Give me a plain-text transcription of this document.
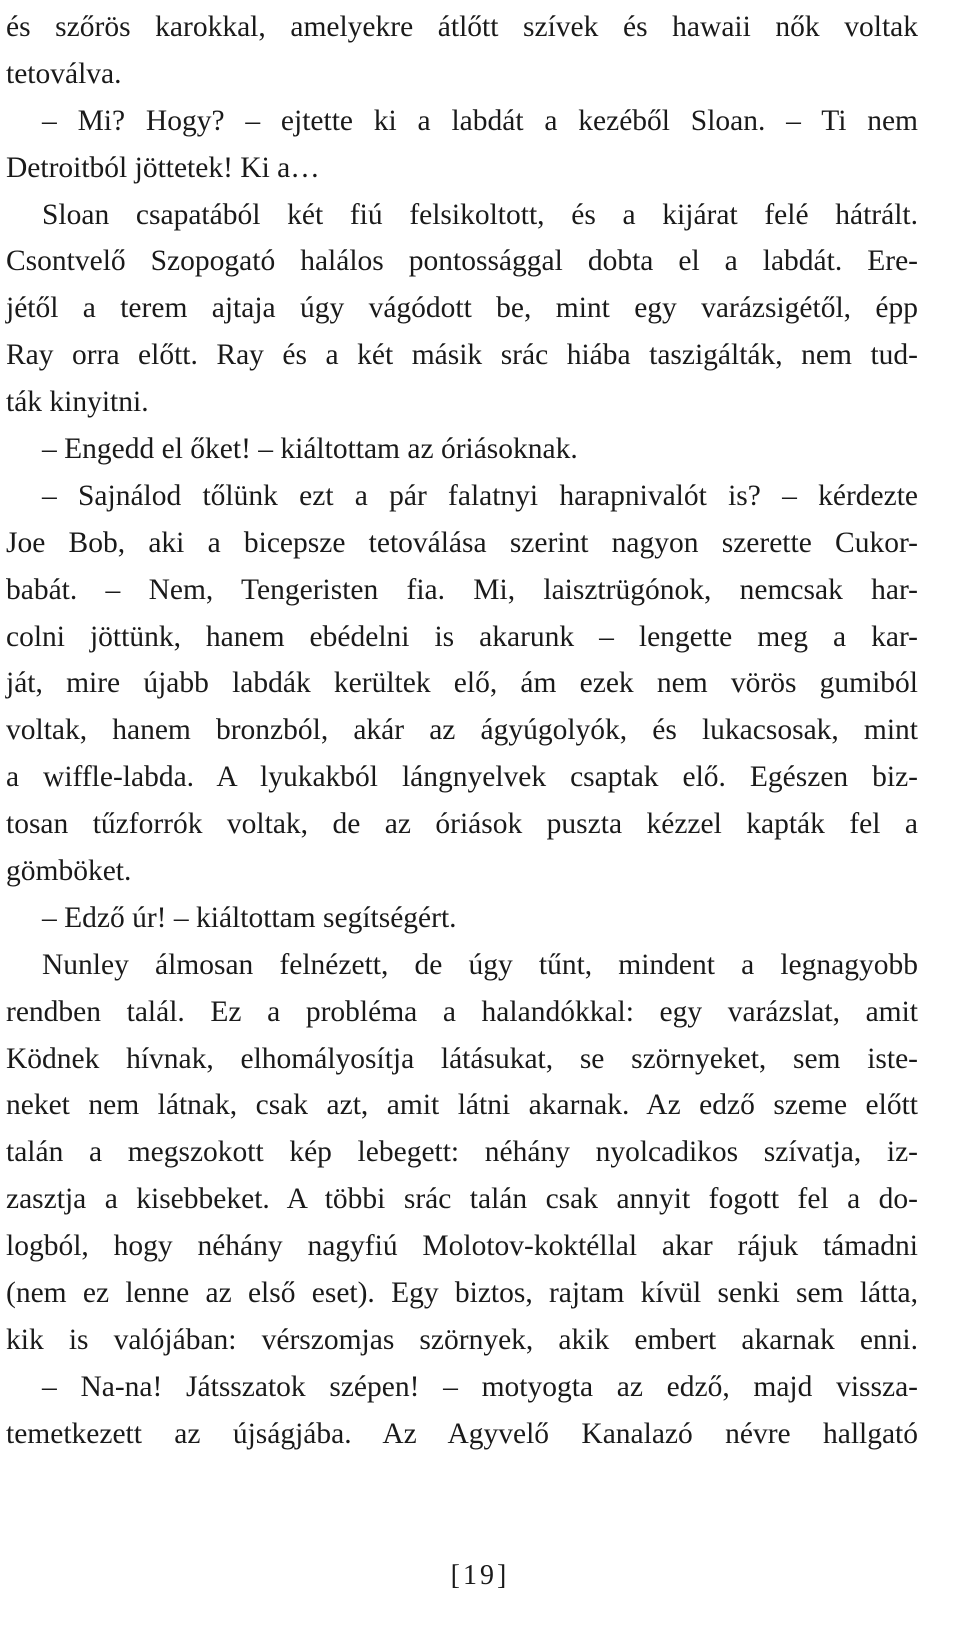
és szőrös karokkal, amelyekre átlőtt szívek és hawaii nők voltak
tetoválva.
– Mi? Hogy? – ejtette ki a labdát a kezéből Sloan. – Ti nem
Detroitból jöttetek! Ki a…
Sloan csapatából két fiú felsikoltott, és a kijárat felé hátrált.
Csontvelő Szopogató halálos pontossággal dobta el a labdát. Ere-
jétől a terem ajtaja úgy vágódott be, mint egy varázsigétől, épp
Ray orra előtt. Ray és a két másik srác hiába taszigálták, nem tud-
ták kinyitni.
– Engedd el őket! – kiáltottam az óriásoknak.
– Sajnálod tőlünk ezt a pár falatnyi harapnivalót is? – kérdezte
Joe Bob, aki a bicepsze tetoválása szerint nagyon szerette Cukor-
babát. – Nem, Tengeristen fia. Mi, laisztrügónok, nemcsak har-
colni jöttünk, hanem ebédelni is akarunk – lengette meg a kar-
ját, mire újabb labdák kerültek elő, ám ezek nem vörös gumiból
voltak, hanem bronzból, akár az ágyúgolyók, és lukacsosak, mint
a wiffle-labda. A lyukakból lángnyelvek csaptak elő. Egészen biz-
tosan tűzforrók voltak, de az óriások puszta kézzel kapták fel a
gömböket.
– Edző úr! – kiáltottam segítségért.
Nunley álmosan felnézett, de úgy tűnt, mindent a legnagyobb
rendben talál. Ez a probléma a halandókkal: egy varázslat, amit
Ködnek hívnak, elhomályosítja látásukat, se szörnyeket, sem iste-
neket nem látnak, csak azt, amit látni akarnak. Az edző szeme előtt
talán a megszokott kép lebegett: néhány nyolcadikos szívatja, iz-
zasztja a kisebbeket. A többi srác talán csak annyit fogott fel a do-
logból, hogy néhány nagyfiú Molotov-koktéllal akar rájuk támadni
(nem ez lenne az első eset). Egy biztos, rajtam kívül senki sem látta,
kik is valójában: vérszomjas szörnyek, akik embert akarnak enni.
– Na-na! Játsszatok szépen! – motyogta az edző, majd vissza-
temetkezett az újságjába. Az Agyvelő Kanalazó névre hallgató
[19]
